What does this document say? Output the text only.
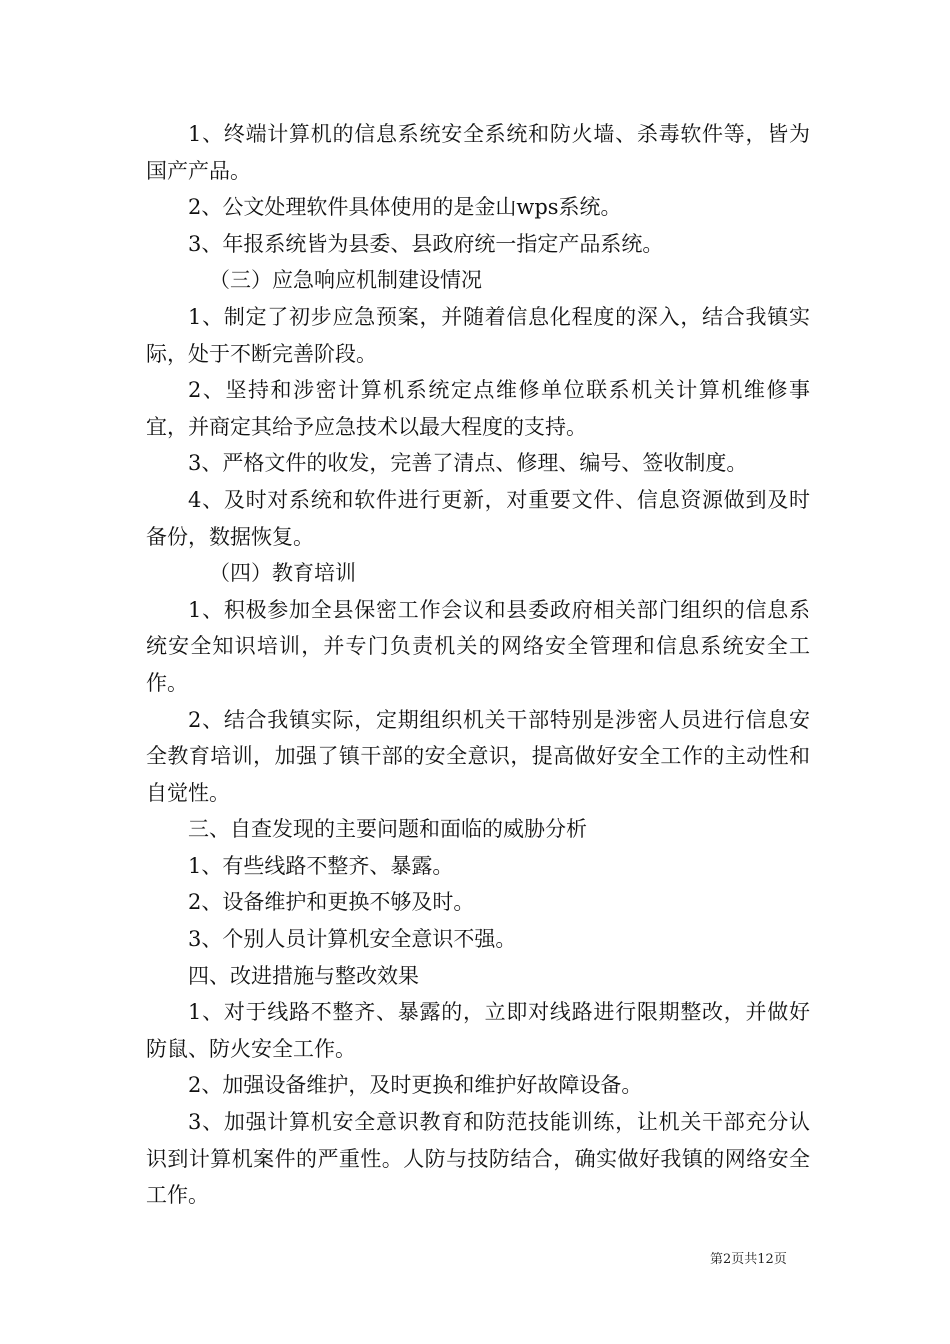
1、终端计算机的信息系统安全系统和防火墙、杀毒软件等，皆为国产产品。

2、公文处理软件具体使用的是金山wps系统。

3、年报系统皆为县委、县政府统一指定产品系统。

（三）应急响应机制建设情况

1、制定了初步应急预案，并随着信息化程度的深入，结合我镇实际，处于不断完善阶段。

2、坚持和涉密计算机系统定点维修单位联系机关计算机维修事宜，并商定其给予应急技术以最大程度的支持。

3、严格文件的收发，完善了清点、修理、编号、签收制度。

4、及时对系统和软件进行更新，对重要文件、信息资源做到及时备份，数据恢复。

（四）教育培训

1、积极参加全县保密工作会议和县委政府相关部门组织的信息系统安全知识培训，并专门负责机关的网络安全管理和信息系统安全工作。

2、结合我镇实际，定期组织机关干部特别是涉密人员进行信息安全教育培训，加强了镇干部的安全意识，提高做好安全工作的主动性和自觉性。

三、自查发现的主要问题和面临的威胁分析

1、有些线路不整齐、暴露。

2、设备维护和更换不够及时。

3、个别人员计算机安全意识不强。

四、改进措施与整改效果

1、对于线路不整齐、暴露的，立即对线路进行限期整改，并做好防鼠、防火安全工作。

2、加强设备维护，及时更换和维护好故障设备。

3、加强计算机安全意识教育和防范技能训练，让机关干部充分认识到计算机案件的严重性。人防与技防结合，确实做好我镇的网络安全工作。

第2页共12页
